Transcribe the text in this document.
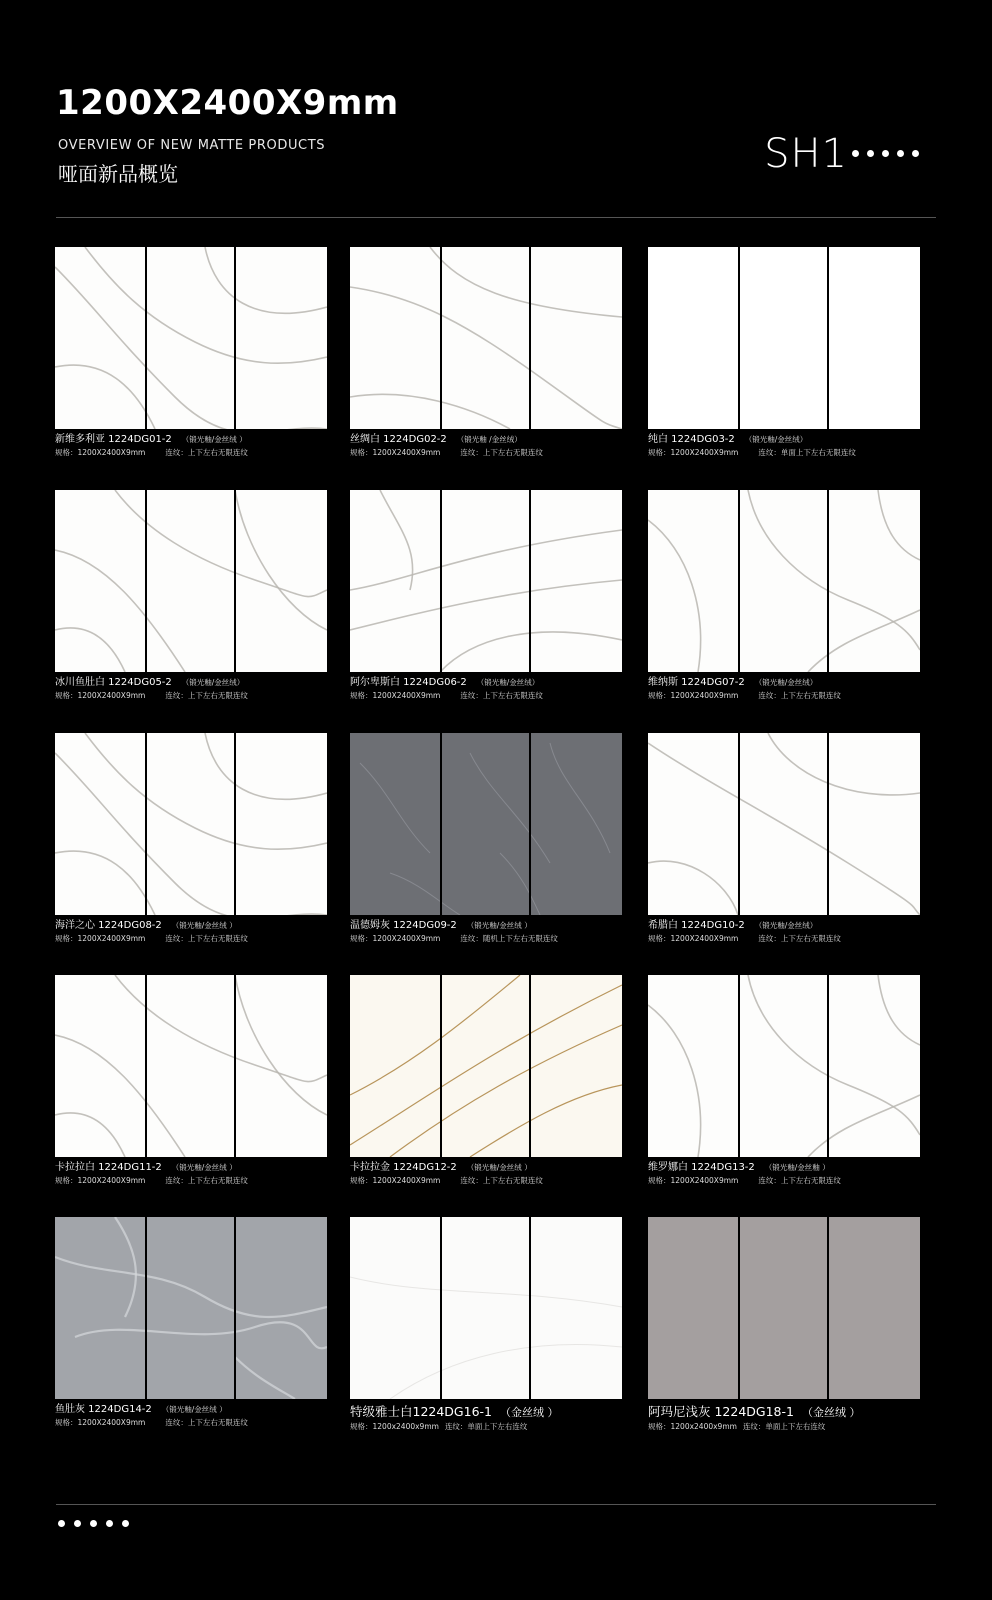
1200X2400X9mm
OVERVIEW OF NEW MATTE PRODUCTS
哑面新品概览	SH1
新维多利亚 1224DG01-2 （锻光釉/金丝绒 ）
规格：1200X2400X9mm	连纹：上下左右无限连纹
丝绸白 1224DG02-2 （锻光釉 /金丝绒）
规格：1200X2400X9mm	连纹：上下左右无限连纹
纯白 1224DG03-2 （锻光釉/金丝绒）
规格：1200X2400X9mm	连纹：单面上下左右无限连纹
冰川鱼肚白 1224DG05-2 （锻光釉/金丝绒）
规格：1200X2400X9mm	连纹：上下左右无限连纹
阿尔卑斯白 1224DG06-2 （锻光釉/金丝绒）
规格：1200X2400X9mm	连纹：上下左右无限连纹
维纳斯 1224DG07-2 （锻光釉/金丝绒）
规格：1200X2400X9mm	连纹：上下左右无限连纹
海洋之心 1224DG08-2 （锻光釉/金丝绒 ）
规格：1200X2400X9mm	连纹：上下左右无限连纹
温德姆灰 1224DG09-2 （锻光釉/金丝绒 ）
规格：1200X2400X9mm	连纹：随机上下左右无限连纹
希腊白 1224DG10-2 （锻光釉/金丝绒）
规格：1200X2400X9mm	连纹：上下左右无限连纹
卡拉拉白 1224DG11-2 （锻光釉/金丝绒 ）
规格：1200X2400X9mm	连纹：上下左右无限连纹
卡拉拉金 1224DG12-2 （锻光釉/金丝绒 ）
规格：1200X2400X9mm	连纹：上下左右无限连纹
维罗娜白 1224DG13-2 （锻光釉/金丝釉 ）
规格：1200X2400X9mm	连纹：上下左右无限连纹
鱼肚灰 1224DG14-2 （锻光釉/金丝绒 ）
规格：1200X2400X9mm	连纹：上下左右无限连纹
特级雅士白1224DG16-1 （金丝绒 ）
规格：1200x2400x9mm 连纹：单面上下左右连纹
阿玛尼浅灰 1224DG18-1 （金丝绒 ）
规格：1200x2400x9mm 连纹：单面上下左右连纹
